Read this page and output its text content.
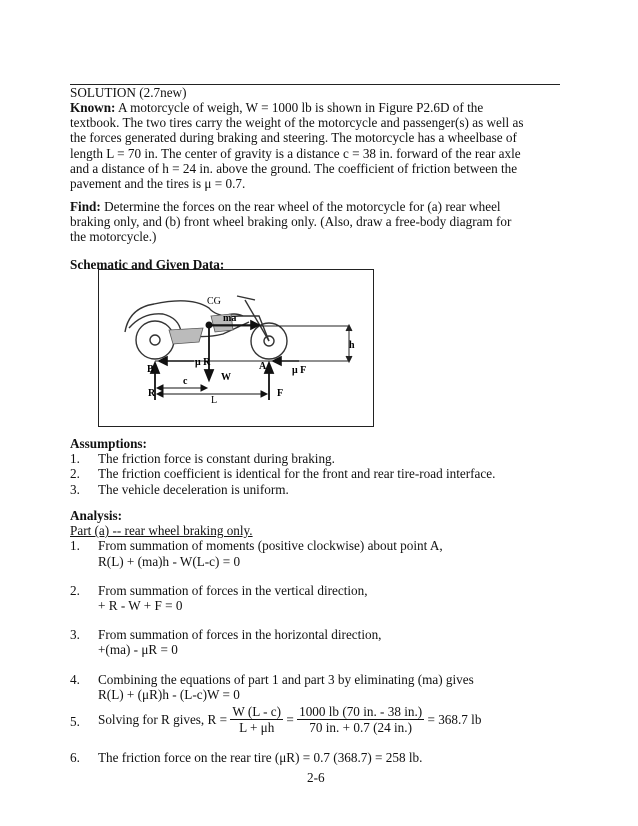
SOLUTION (2.7new)
Known: A motorcycle of weigh, W = 1000 lb is shown in Figure P2.6D of the
textbook. The two tires carry the weight of the motorcycle and passenger(s) as well as
the forces generated during braking and steering. The motorcycle has a wheelbase of
length L = 70 in. The center of gravity is a distance c = 38 in. forward of the rear axle
and a distance of h = 24 in. above the ground. The coefficient of friction between the
pavement and the tires is μ = 0.7.
Find: Determine the forces on the rear wheel of the motorcycle for (a) rear wheel
braking only, and (b) front wheel braking only. (Also, draw a free-body diagram for
the motorcycle.)
Schematic and Given Data:
CG
ma
h
μ R
B	A
W
μ F
c
R
L
F
Assumptions:
1. The friction force is constant during braking.
2. The friction coefficient is identical for the front and rear tire-road interface.
3. The vehicle deceleration is uniform.
Analysis:
Part (a) -- rear wheel braking only.
1. From summation of moments (positive clockwise) about point A,
R(L) + (ma)h - W(L-c) = 0
2. From summation of forces in the vertical direction,
+ R - W + F = 0
3. From summation of forces in the horizontal direction,
+(ma) - μR = 0
4. Combining the equations of part 1 and part 3 by eliminating (ma) gives
R(L) + (μR)h - (L-c)W = 0
5. Solving for R gives, $R = \frac{W (L - c)}{L + \mu h} = \frac{1000 lb (70 in. - 38 in.)}{70 in. + 0.7 (24 in.)} = 368.7$ lb
6. The friction force on the rear tire (μR) = 0.7 (368.7) = 258 lb.
2-6
